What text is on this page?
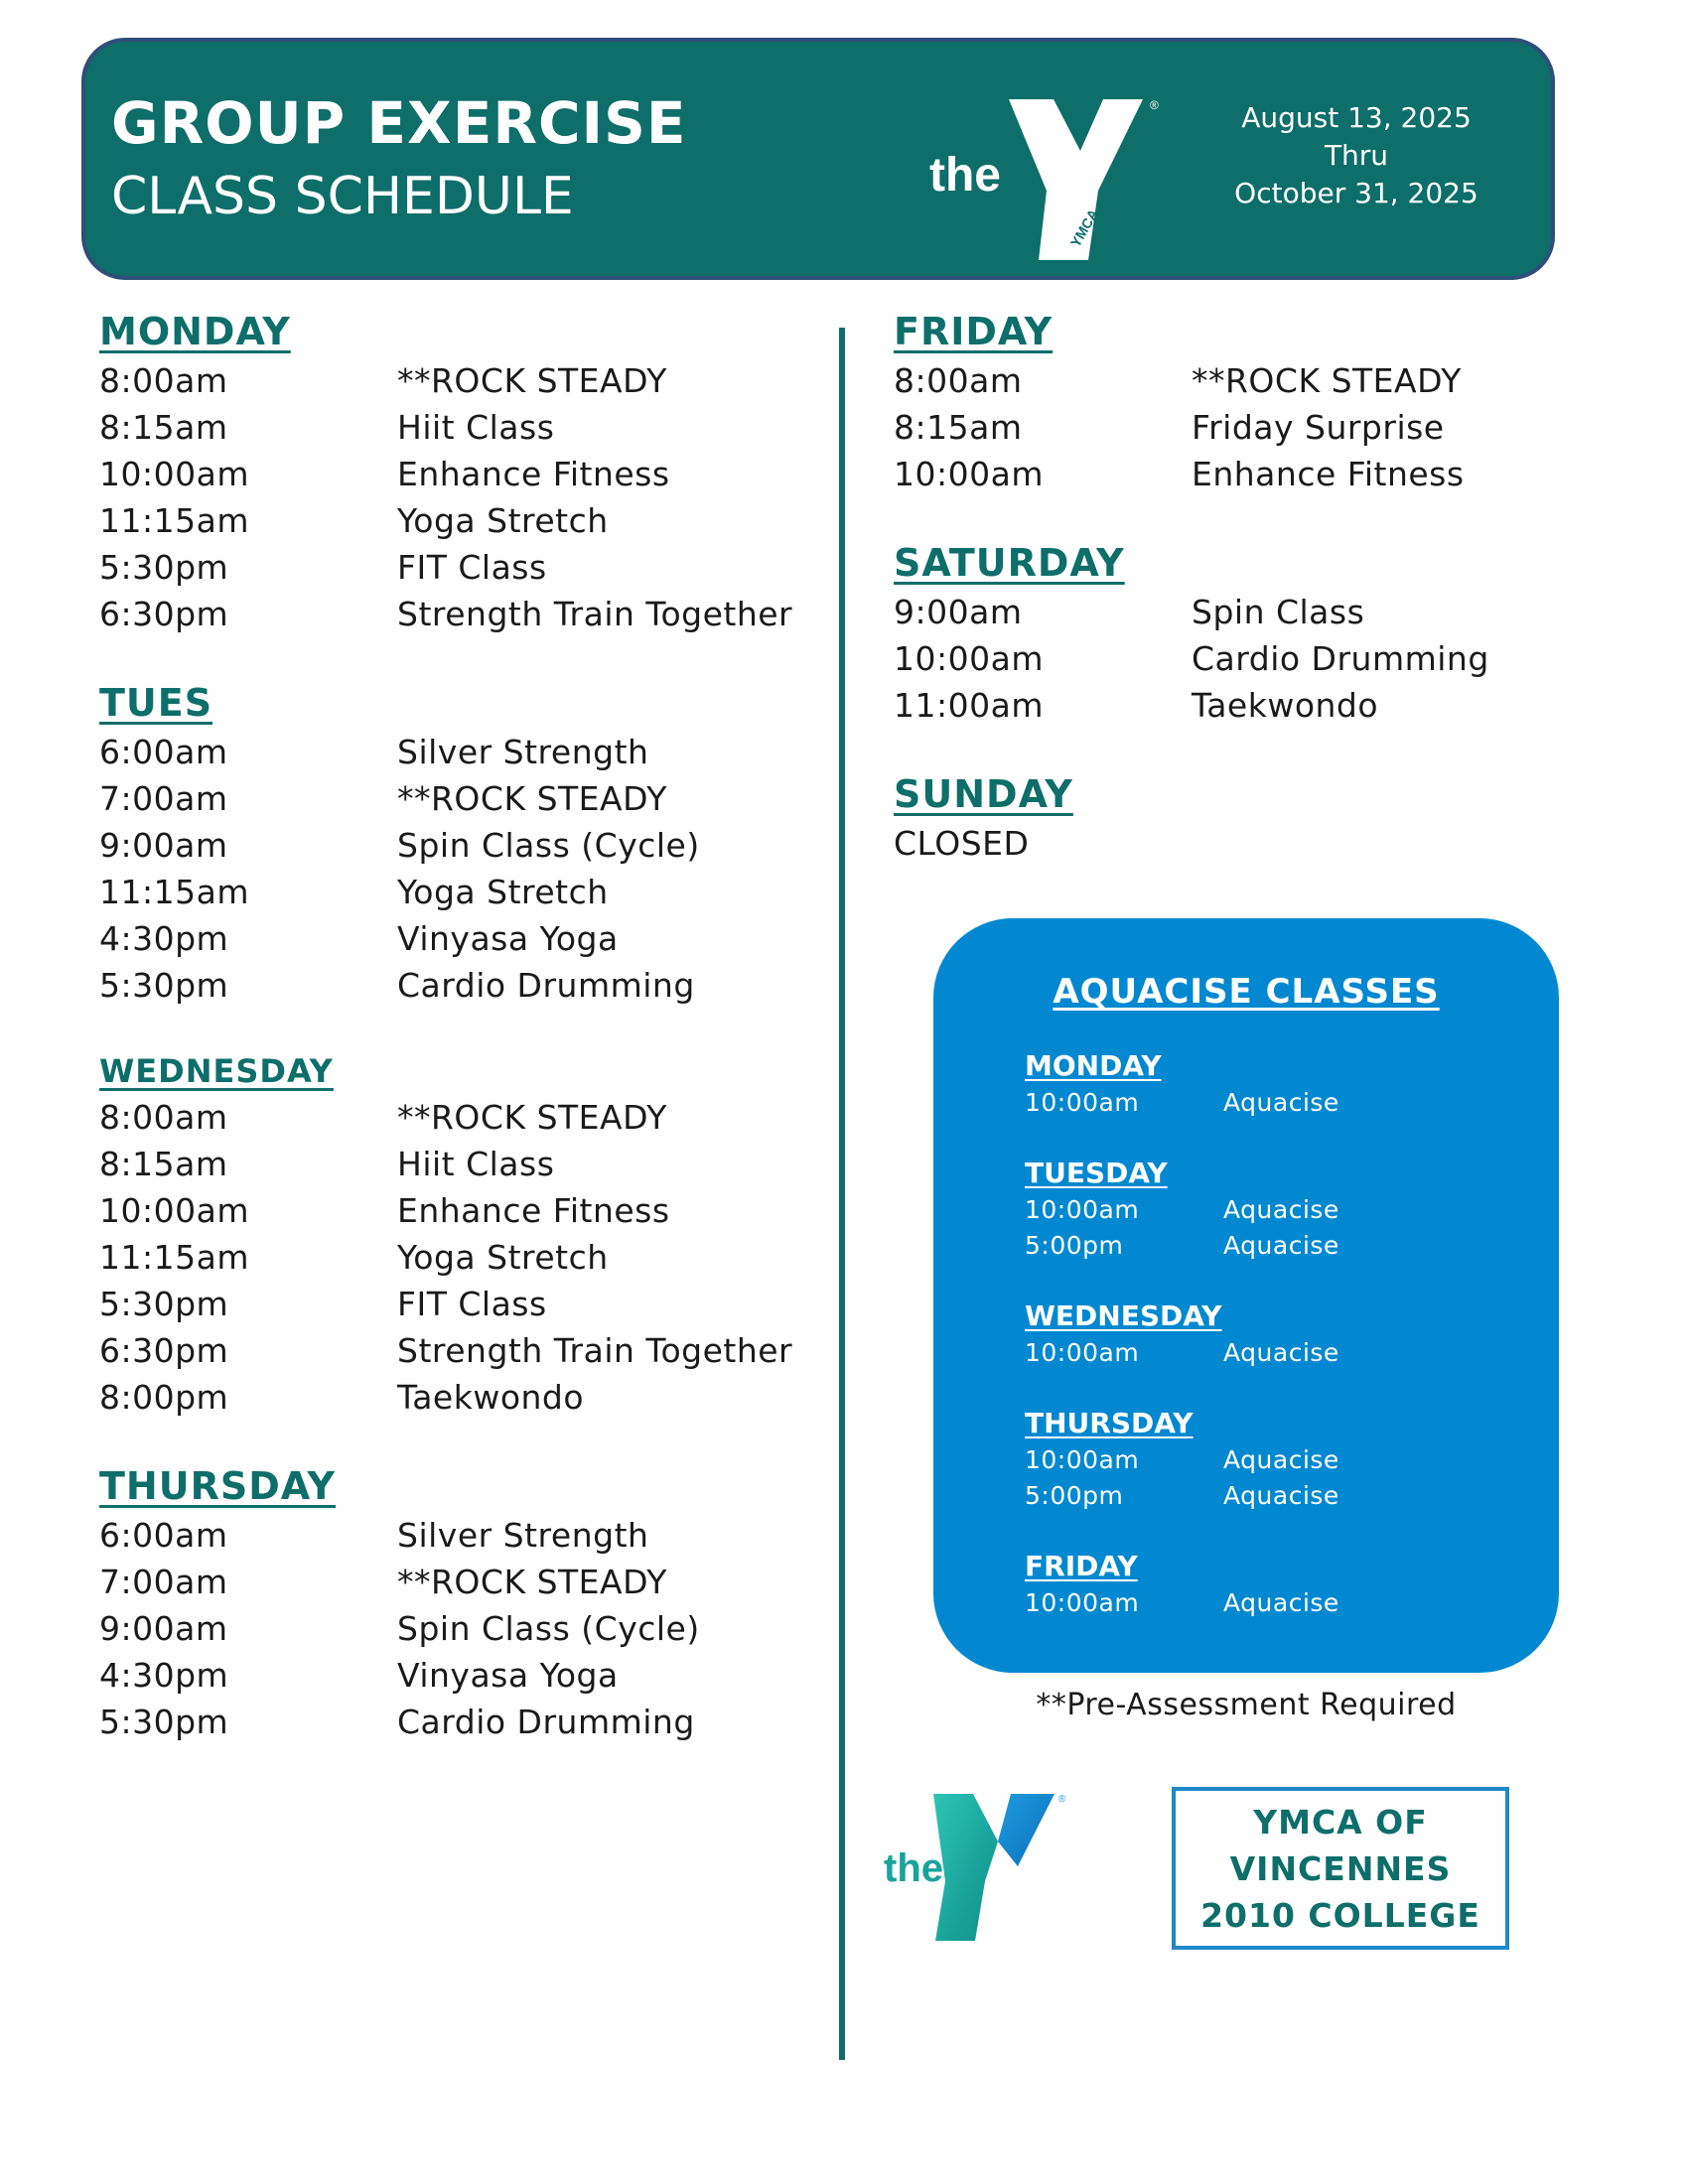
GROUP EXERCISE
CLASS SCHEDULE	the
YMCA
®	August 13, 2025
Thru
October 31, 2025
MONDAY
8:00am	**ROCK STEADY
8:15am	Hiit Class
10:00am	Enhance Fitness
11:15am	Yoga Stretch
5:30pm	FIT Class
6:30pm	Strength Train Together
TUES
6:00am	Silver Strength
7:00am	**ROCK STEADY
9:00am	Spin Class (Cycle)
11:15am	Yoga Stretch
4:30pm	Vinyasa Yoga
5:30pm	Cardio Drumming
WEDNESDAY
8:00am	**ROCK STEADY
8:15am	Hiit Class
10:00am	Enhance Fitness
11:15am	Yoga Stretch
5:30pm	FIT Class
6:30pm	Strength Train Together
8:00pm	Taekwondo
THURSDAY
6:00am	Silver Strength
7:00am	**ROCK STEADY
9:00am	Spin Class (Cycle)
4:30pm	Vinyasa Yoga
5:30pm	Cardio Drumming
FRIDAY
8:00am	**ROCK STEADY
8:15am	Friday Surprise
10:00am	Enhance Fitness
SATURDAY
9:00am	Spin Class
10:00am	Cardio Drumming
11:00am	Taekwondo
SUNDAY
CLOSED
AQUACISE CLASSES
MONDAY
10:00am	Aquacise
TUESDAY
10:00am	Aquacise
5:00pm	Aquacise
WEDNESDAY
10:00am	Aquacise
THURSDAY
10:00am	Aquacise
5:00pm	Aquacise
FRIDAY
10:00am	Aquacise
**Pre-Assessment Required
the
YMCA
®
YMCA OF
VINCENNES
2010 COLLEGE
